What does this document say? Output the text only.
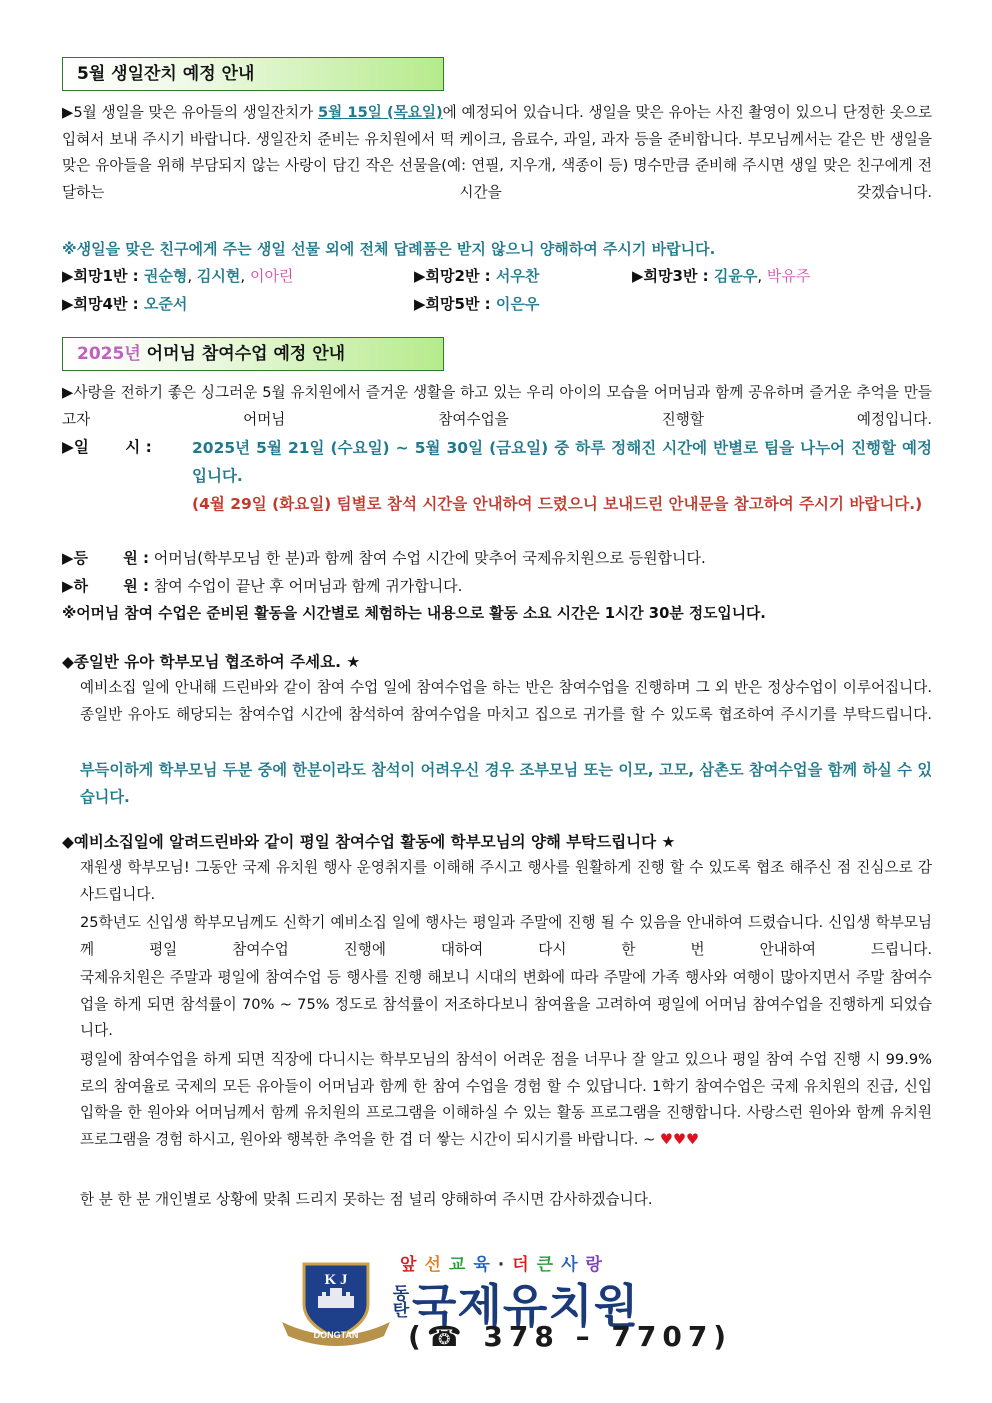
5월 생일잔치 예정 안내
▶5월 생일을 맞은 유아들의 생일잔치가 5월 15일 (목요일)에 예정되어 있습니다. 생일을 맞은 유아는 사진 촬영이 있으니 단정한 옷으로 입혀서 보내 주시기 바랍니다. 생일잔치 준비는 유치원에서 떡 케이크, 음료수, 과일, 과자 등을 준비합니다. 부모님께서는 같은 반 생일을 맞은 유아들을 위해 부담되지 않는 사랑이 담긴 작은 선물을(예: 연필, 지우개, 색종이 등) 명수만큼 준비해 주시면 생일 맞은 친구에게 전달하는 시간을 갖겠습니다.
※생일을 맞은 친구에게 주는 생일 선물 외에 전체 답례품은 받지 않으니 양해하여 주시기 바랍니다.
▶희망1반 : 권순형, 김시현, 이아린	▶희망2반 : 서우찬	▶희망3반 : 김윤우, 박유주
▶희망4반 : 오준서	▶희망5반 : 이은우
2025년 어머님 참여수업 예정 안내
▶사랑을 전하기 좋은 싱그러운 5월 유치원에서 즐거운 생활을 하고 있는 우리 아이의 모습을 어머님과 함께 공유하며 즐거운 추억을 만들고자 어머님 참여수업을 진행할 예정입니다.
▶일　　 시 :	2025년 5월 21일 (수요일) ~ 5월 30일 (금요일) 중 하루 정해진 시간에 반별로 팀을 나누어 진행할 예정입니다.
(4월 29일 (화요일) 팀별로 참석 시간을 안내하여 드렸으니 보내드린 안내문을 참고하여 주시기 바랍니다.)
▶등　　 원 : 어머님(학부모님 한 분)과 함께 참여 수업 시간에 맞추어 국제유치원으로 등원합니다.
▶하　　 원 : 참여 수업이 끝난 후 어머님과 함께 귀가합니다.
※어머님 참여 수업은 준비된 활동을 시간별로 체험하는 내용으로 활동 소요 시간은 1시간 30분 정도입니다.
◆종일반 유아 학부모님 협조하여 주세요. ★
예비소집 일에 안내해 드린바와 같이 참여 수업 일에 참여수업을 하는 반은 참여수업을 진행하며 그 외 반은 정상수업이 이루어집니다. 종일반 유아도 해당되는 참여수업 시간에 참석하여 참여수업을 마치고 집으로 귀가를 할 수 있도록 협조하여 주시기를 부탁드립니다.
부득이하게 학부모님 두분 중에 한분이라도 참석이 어려우신 경우 조부모님 또는 이모, 고모, 삼촌도 참여수업을 함께 하실 수 있습니다.
◆예비소집일에 알려드린바와 같이 평일 참여수업 활동에 학부모님의 양해 부탁드립니다 ★
재원생 학부모님! 그동안 국제 유치원 행사 운영취지를 이해해 주시고 행사를 원활하게 진행 할 수 있도록 협조 해주신 점 진심으로 감사드립니다.
25학년도 신입생 학부모님께도 신학기 예비소집 일에 행사는 평일과 주말에 진행 될 수 있음을 안내하여 드렸습니다. 신입생 학부모님께 평일 참여수업 진행에 대하여 다시 한 번 안내하여 드립니다.
국제유치원은 주말과 평일에 참여수업 등 행사를 진행 해보니 시대의 변화에 따라 주말에 가족 행사와 여행이 많아지면서 주말 참여수업을 하게 되면 참석률이 70% ~ 75% 정도로 참석률이 저조하다보니 참여율을 고려하여 평일에 어머님 참여수업을 진행하게 되었습니다.
평일에 참여수업을 하게 되면 직장에 다니시는 학부모님의 참석이 어려운 점을 너무나 잘 알고 있으나 평일 참여 수업 진행 시 99.9%로의 참여율로 국제의 모든 유아들이 어머님과 함께 한 참여 수업을 경험 할 수 있답니다. 1학기 참여수업은 국제 유치원의 진급, 신입 입학을 한 원아와 어머님께서 함께 유치원의 프로그램을 이해하실 수 있는 활동 프로그램을 진행합니다. 사랑스런 원아와 함께 유치원 프로그램을 경험 하시고, 원아와 행복한 추억을 한 겹 더 쌓는 시간이 되시기를 바랍니다. ~ ♥♥♥
한 분 한 분 개인별로 상황에 맞춰 드리지 못하는 점 널리 양해하여 주시면 감사하겠습니다.
K J
DONGTAN
앞선교육·더큰사랑
동
탄국제유치원
(☎ 378 – 7707)
